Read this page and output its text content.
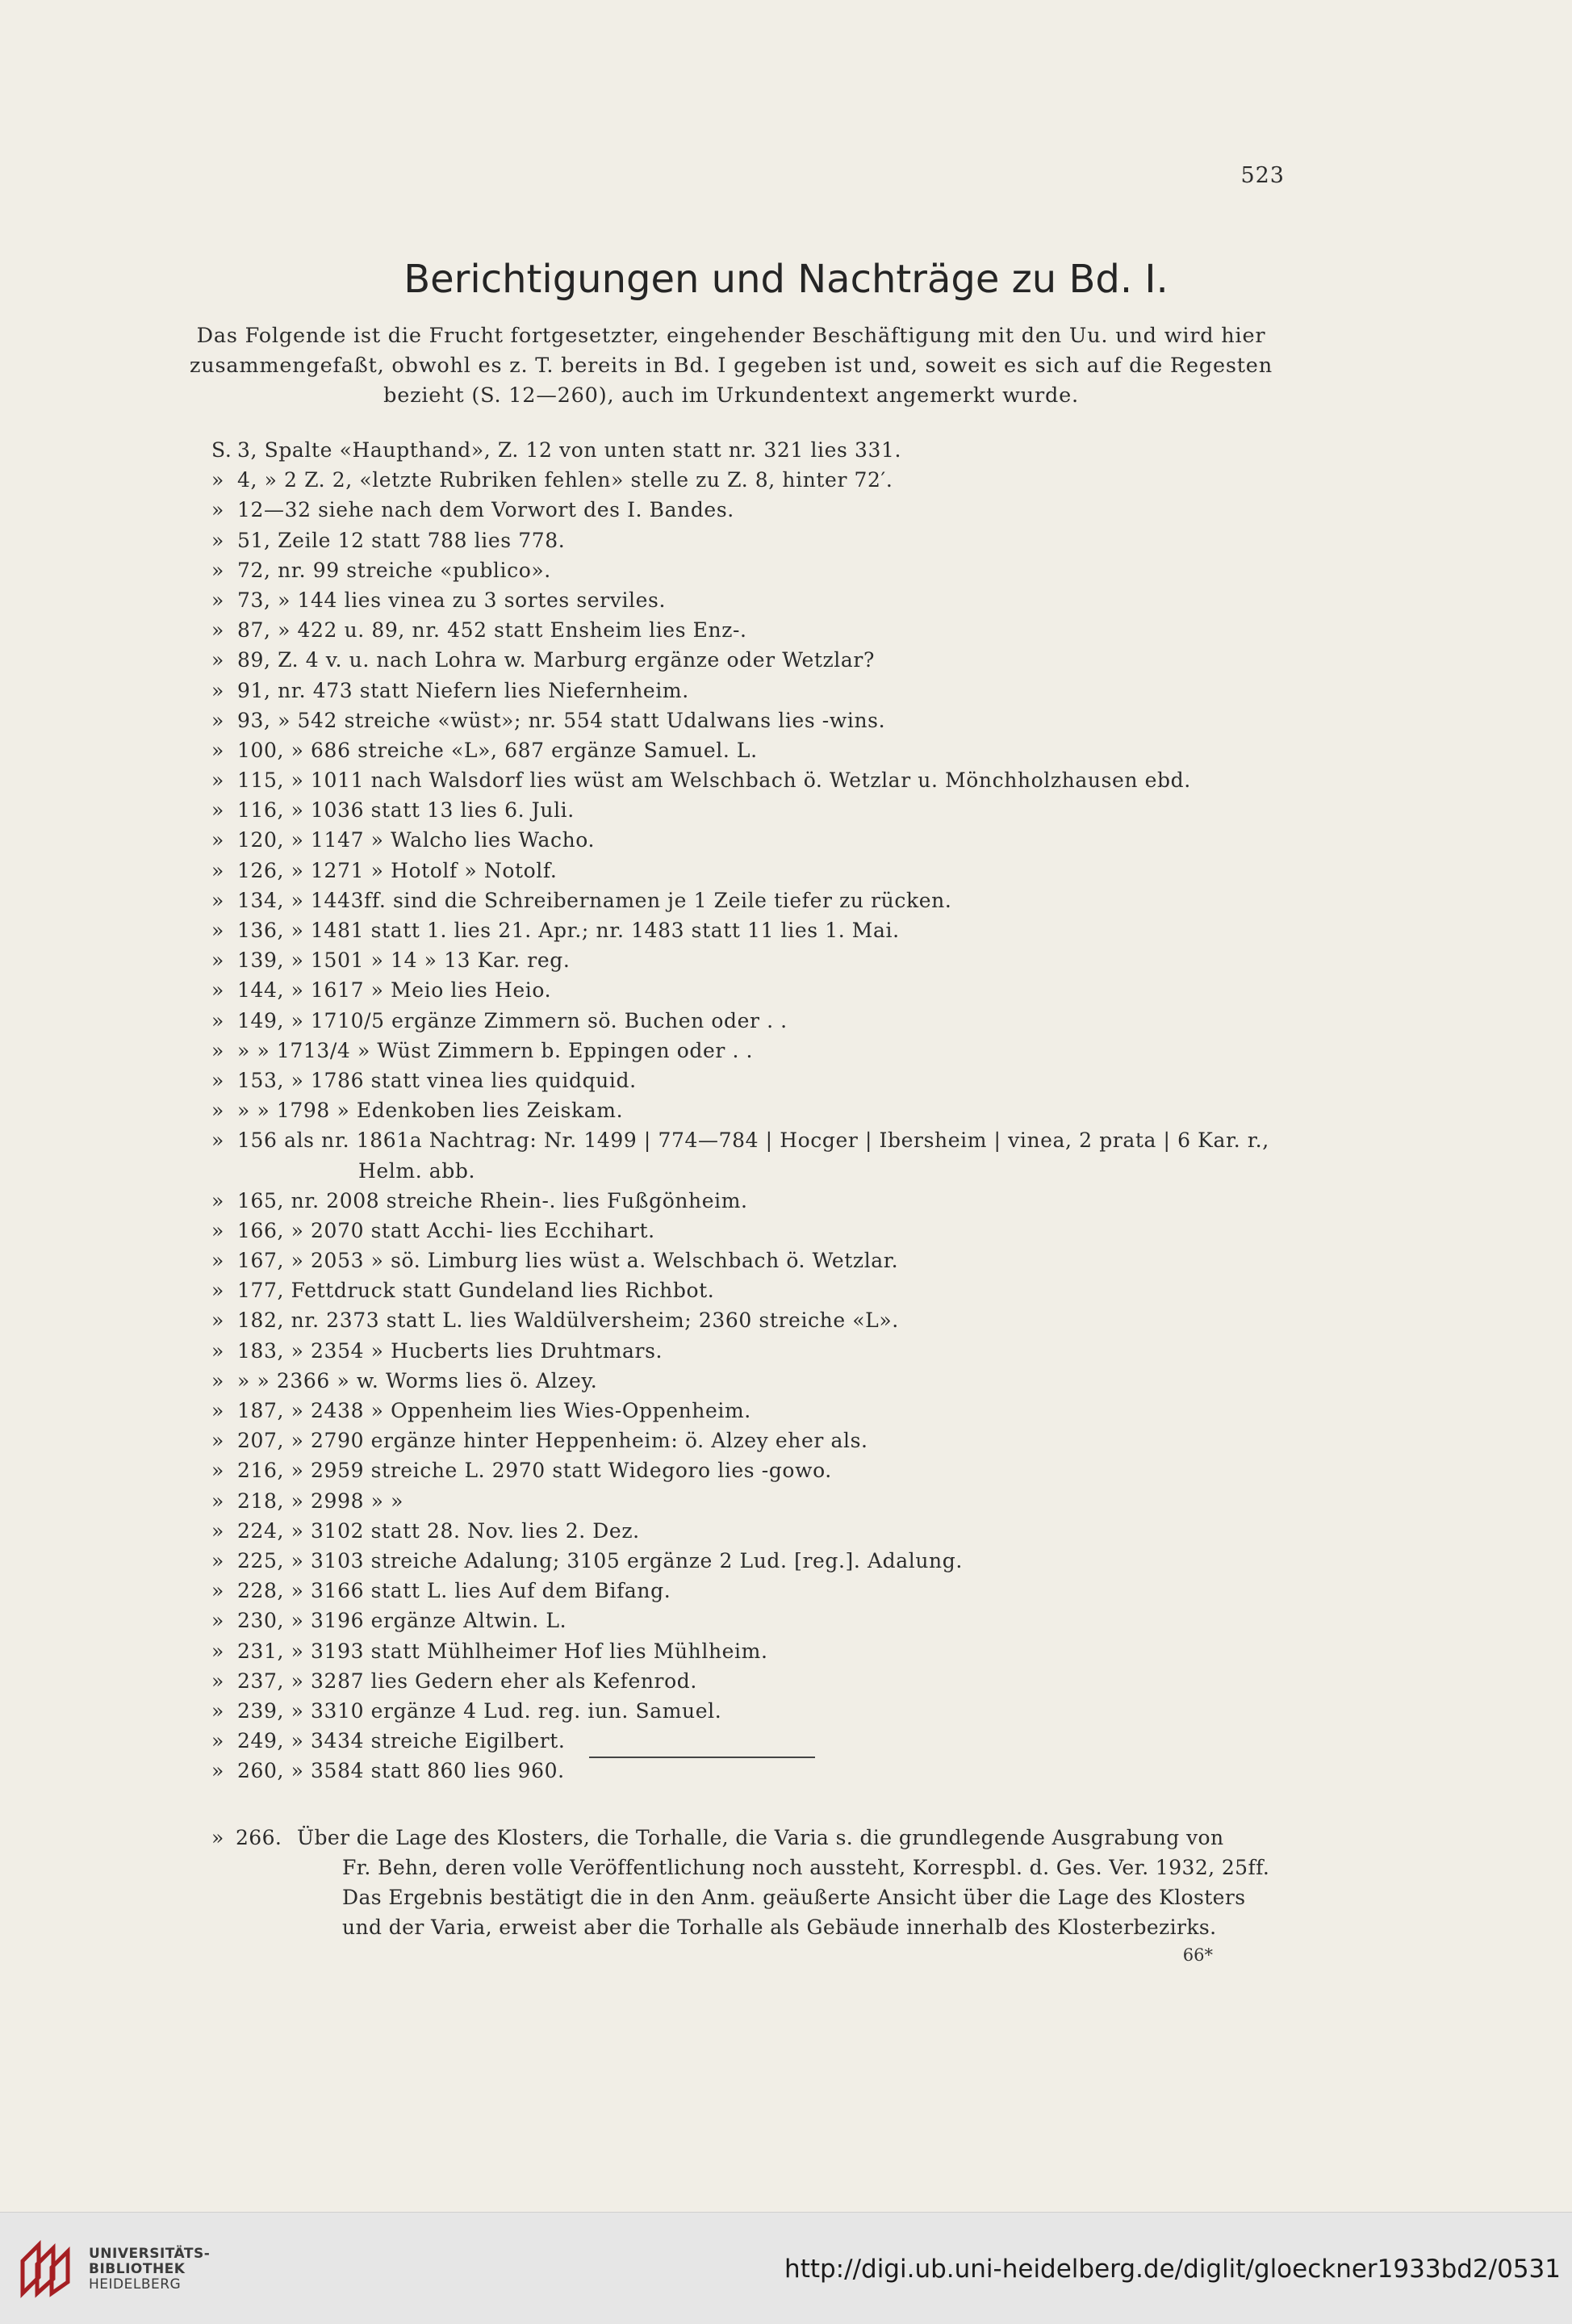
523
Berichtigungen und Nachträge zu Bd. I.
Das Folgende ist die Frucht fortgesetzter, eingehender Beschäftigung mit den Uu. und wird hier
zusammengefaßt, obwohl es z. T. bereits in Bd. I gegeben ist und, soweit es sich auf die Regesten
bezieht (S. 12—260), auch im Urkundentext angemerkt wurde.
S. 3, Spalte «Haupthand», Z. 12 von unten statt nr. 321 lies 331.
» 4, » 2 Z. 2, «letzte Rubriken fehlen» stelle zu Z. 8, hinter 72′.
» 12—32 siehe nach dem Vorwort des I. Bandes.
» 51, Zeile 12 statt 788 lies 778.
» 72, nr. 99 streiche «publico».
» 73, » 144 lies vinea zu 3 sortes serviles.
» 87, » 422 u. 89, nr. 452 statt Ensheim lies Enz-.
» 89, Z. 4 v. u. nach Lohra w. Marburg ergänze oder Wetzlar?
» 91, nr. 473 statt Niefern lies Niefernheim.
» 93, » 542 streiche «wüst»; nr. 554 statt Udalwans lies -wins.
» 100, » 686 streiche «L», 687 ergänze Samuel. L.
» 115, » 1011 nach Walsdorf lies wüst am Welschbach ö. Wetzlar u. Mönchholzhausen ebd.
» 116, » 1036 statt 13 lies 6. Juli.
» 120, » 1147 » Walcho lies Wacho.
» 126, » 1271 » Hotolf » Notolf.
» 134, » 1443ff. sind die Schreibernamen je 1 Zeile tiefer zu rücken.
» 136, » 1481 statt 1. lies 21. Apr.; nr. 1483 statt 11 lies 1. Mai.
» 139, » 1501 » 14 » 13 Kar. reg.
» 144, » 1617 » Meio lies Heio.
» 149, » 1710/5 ergänze Zimmern sö. Buchen oder . .
» » » 1713/4 » Wüst Zimmern b. Eppingen oder . .
» 153, » 1786 statt vinea lies quidquid.
» » » 1798 » Edenkoben lies Zeiskam.
» 156 als nr. 1861a Nachtrag: Nr. 1499 | 774—784 | Hocger | Ibersheim | vinea, 2 prata | 6 Kar. r.,
Helm. abb.
» 165, nr. 2008 streiche Rhein-. lies Fußgönheim.
» 166, » 2070 statt Acchi- lies Ecchihart.
» 167, » 2053 » sö. Limburg lies wüst a. Welschbach ö. Wetzlar.
» 177, Fettdruck statt Gundeland lies Richbot.
» 182, nr. 2373 statt L. lies Waldülversheim; 2360 streiche «L».
» 183, » 2354 » Hucberts lies Druhtmars.
» » » 2366 » w. Worms lies ö. Alzey.
» 187, » 2438 » Oppenheim lies Wies-Oppenheim.
» 207, » 2790 ergänze hinter Heppenheim: ö. Alzey eher als.
» 216, » 2959 streiche L. 2970 statt Widegoro lies -gowo.
» 218, » 2998 » »
» 224, » 3102 statt 28. Nov. lies 2. Dez.
» 225, » 3103 streiche Adalung; 3105 ergänze 2 Lud. [reg.]. Adalung.
» 228, » 3166 statt L. lies Auf dem Bifang.
» 230, » 3196 ergänze Altwin. L.
» 231, » 3193 statt Mühlheimer Hof lies Mühlheim.
» 237, » 3287 lies Gedern eher als Kefenrod.
» 239, » 3310 ergänze 4 Lud. reg. iun. Samuel.
» 249, » 3434 streiche Eigilbert.
» 260, » 3584 statt 860 lies 960.
» 266. Über die Lage des Klosters, die Torhalle, die Varia s. die grundlegende Ausgrabung von
Fr. Behn, deren volle Veröffentlichung noch aussteht, Korrespbl. d. Ges. Ver. 1932, 25ff.
Das Ergebnis bestätigt die in den Anm. geäußerte Ansicht über die Lage des Klosters
und der Varia, erweist aber die Torhalle als Gebäude innerhalb des Klosterbezirks.
66*
UNIVERSITÄTS-
BIBLIOTHEK
HEIDELBERG
http://digi.ub.uni-heidelberg.de/diglit/gloeckner1933bd2/0531
